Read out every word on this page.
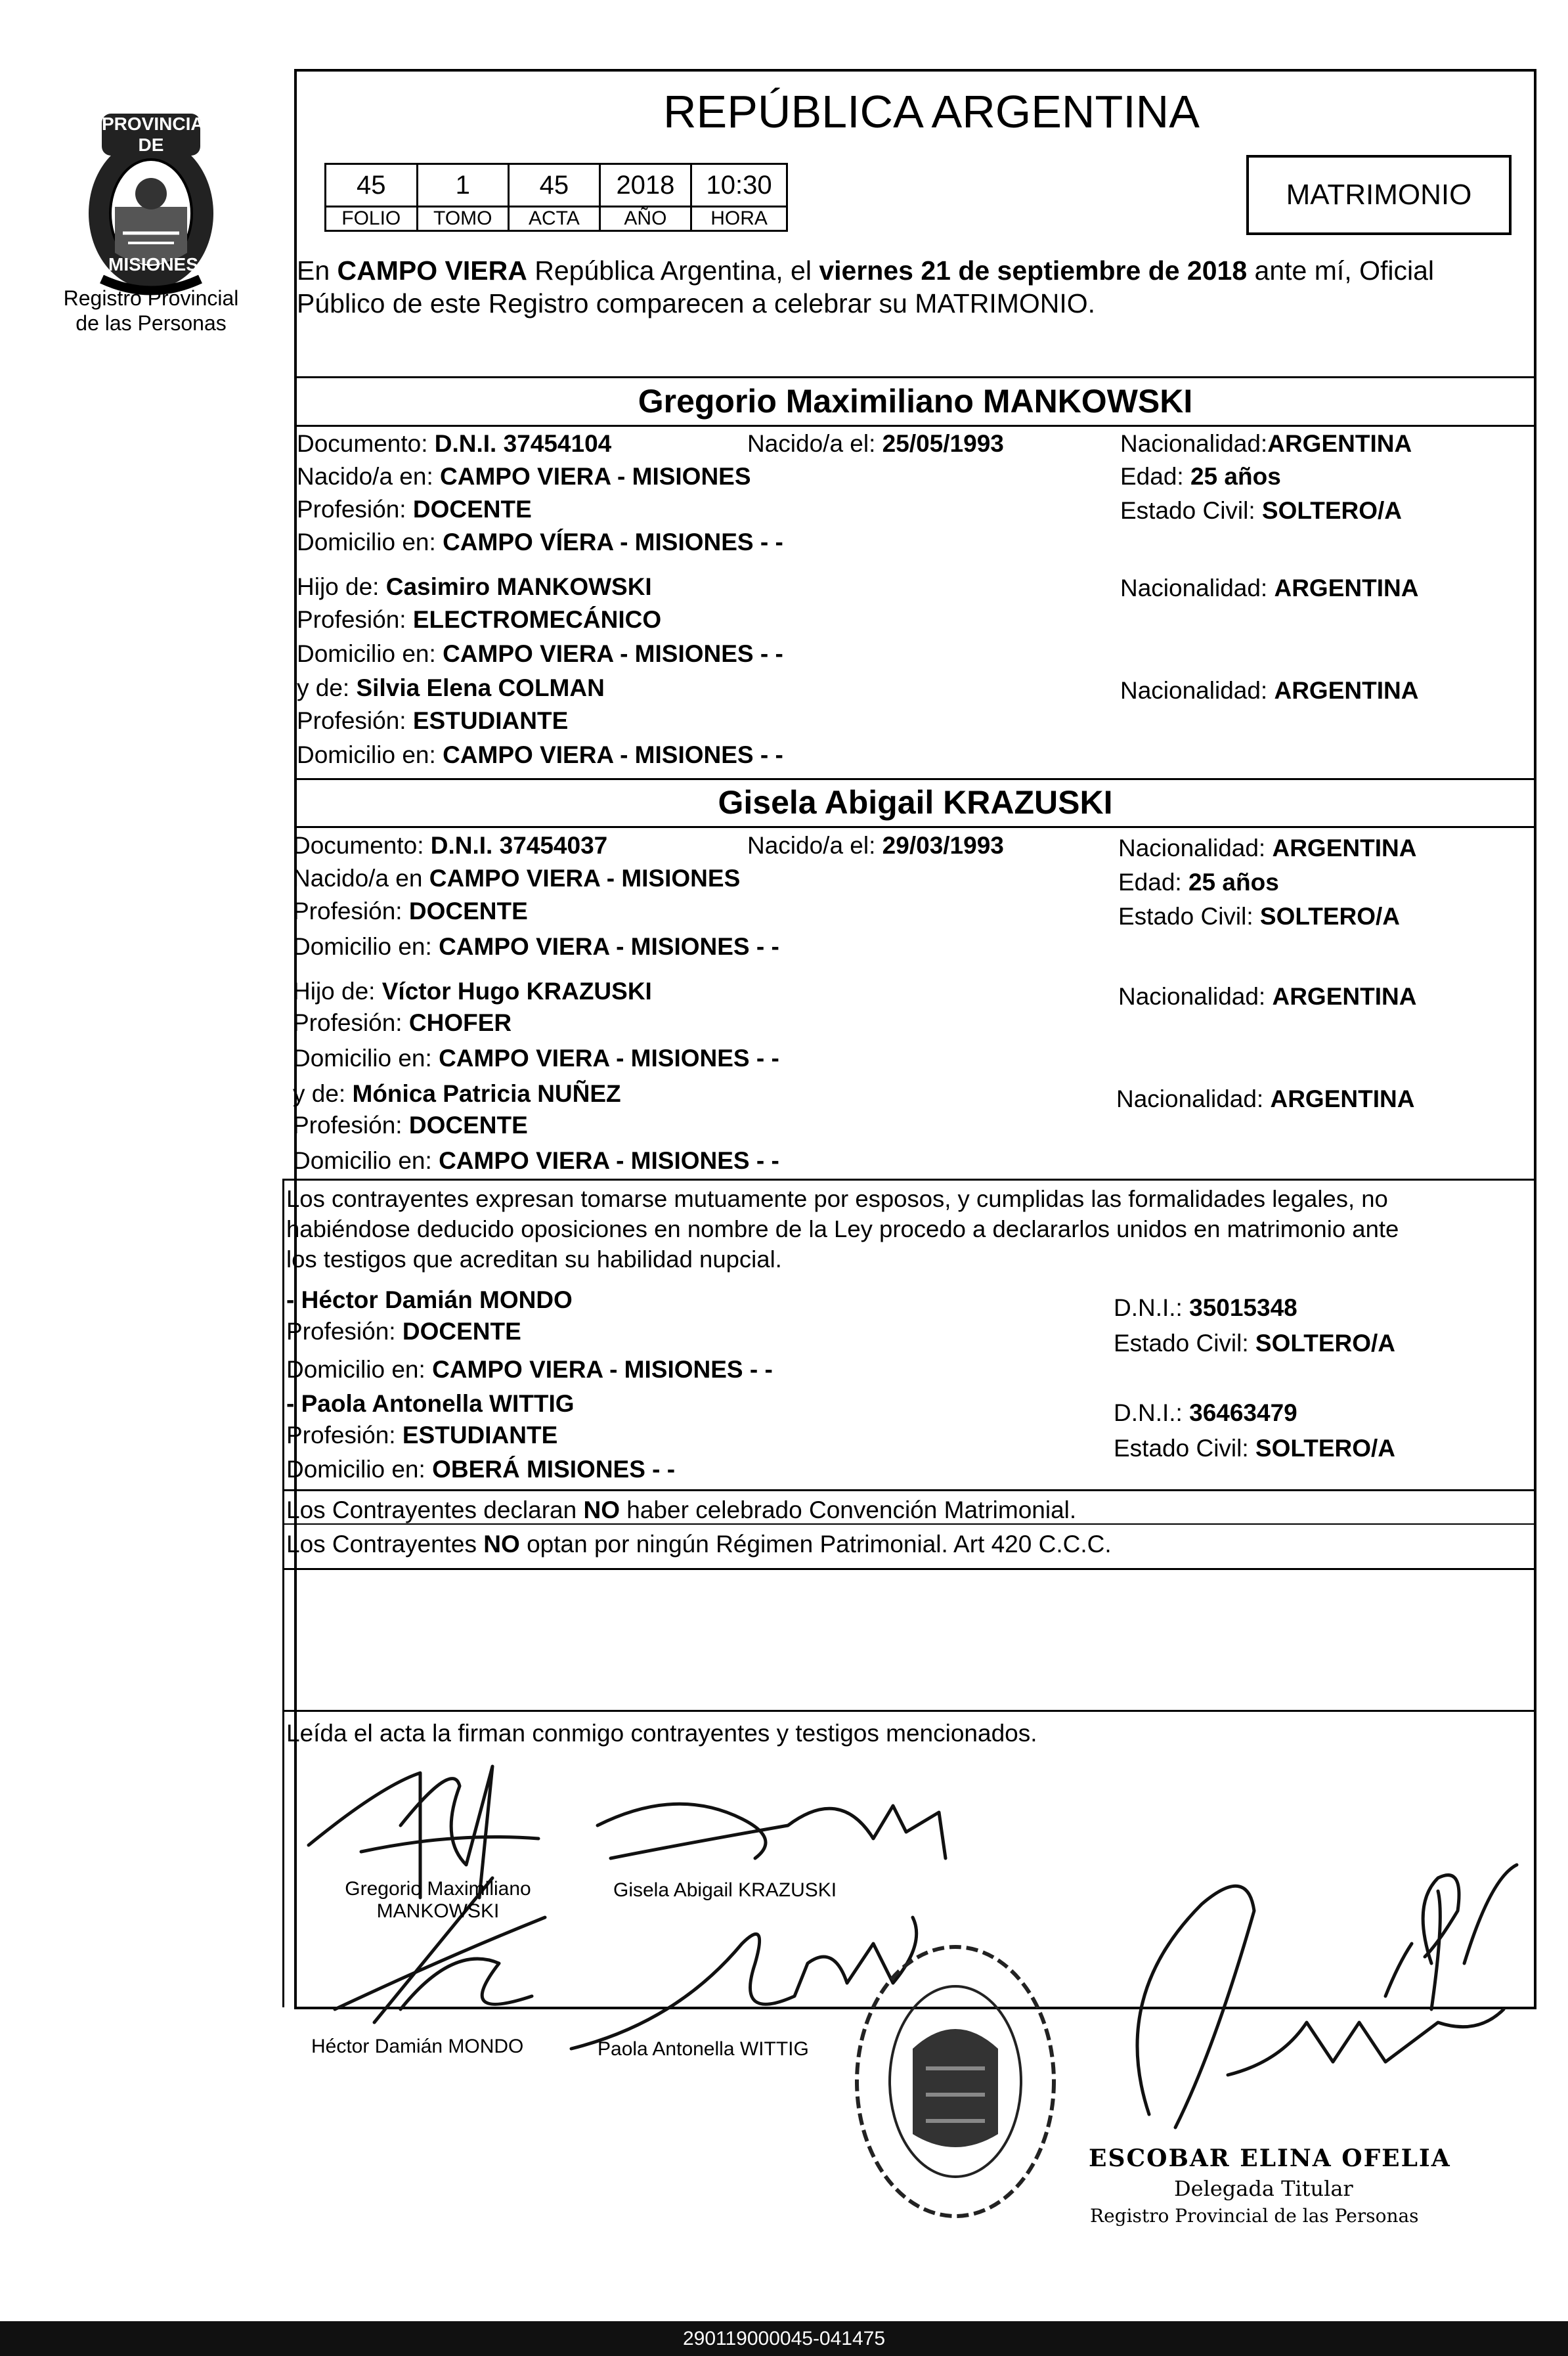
PROVINCIA DE
MISIONES
Registro Provincial
de las Personas
REPÚBLICA ARGENTINA
45	1	45	2018	10:30
FOLIO	TOMO	ACTA	AÑO	HORA
MATRIMONIO
En CAMPO VIERA República Argentina, el viernes 21 de septiembre de 2018 ante mí, Oficial
Público de este Registro comparecen a celebrar su MATRIMONIO.
Gregorio Maximiliano MANKOWSKI
Documento: D.N.I. 37454104	Nacido/a el: 25/05/1993	Nacionalidad:ARGENTINA
Nacido/a en: CAMPO VIERA - MISIONES	Edad: 25 años
Profesión: DOCENTE	Estado Civil: SOLTERO/A
Domicilio en: CAMPO VÍERA - MISIONES - -
Hijo de: Casimiro MANKOWSKI	Nacionalidad: ARGENTINA
Profesión: ELECTROMECÁNICO
Domicilio en: CAMPO VIERA - MISIONES - -
y de: Silvia Elena COLMAN	Nacionalidad: ARGENTINA
Profesión: ESTUDIANTE
Domicilio en: CAMPO VIERA - MISIONES - -
Gisela Abigail KRAZUSKI
Documento: D.N.I. 37454037	Nacido/a el: 29/03/1993	Nacionalidad: ARGENTINA
Nacido/a en CAMPO VIERA - MISIONES	Edad: 25 años
Profesión: DOCENTE	Estado Civil: SOLTERO/A
Domicilio en: CAMPO VIERA - MISIONES - -
Hijo de: Víctor Hugo KRAZUSKI	Nacionalidad: ARGENTINA
Profesión: CHOFER
Domicilio en: CAMPO VIERA - MISIONES - -
y de: Mónica Patricia NUÑEZ	Nacionalidad: ARGENTINA
Profesión: DOCENTE
Domicilio en: CAMPO VIERA - MISIONES - -
Los contrayentes expresan tomarse mutuamente por esposos, y cumplidas las formalidades legales, no
habiéndose deducido oposiciones en nombre de la Ley procedo a declararlos unidos en matrimonio ante
los testigos que acreditan su habilidad nupcial.
- Héctor Damián MONDO	D.N.I.: 35015348
Profesión: DOCENTE	Estado Civil: SOLTERO/A
Domicilio en: CAMPO VIERA - MISIONES - -
- Paola Antonella WITTIG	D.N.I.: 36463479
Profesión: ESTUDIANTE	Estado Civil: SOLTERO/A
Domicilio en: OBERÁ MISIONES - -
Los Contrayentes declaran NO haber celebrado Convención Matrimonial.
Los Contrayentes NO optan por ningún Régimen Patrimonial. Art 420 C.C.C.
Leída el acta la firman conmigo contrayentes y testigos mencionados.
Gregorio Maximiliano
MANKOWSKI
Gisela Abigail KRAZUSKI
Héctor Damián MONDO	Paola Antonella WITTIG
ESCOBAR ELINA OFELIA
Delegada Titular
Registro Provincial de las Personas
290119000045-041475
